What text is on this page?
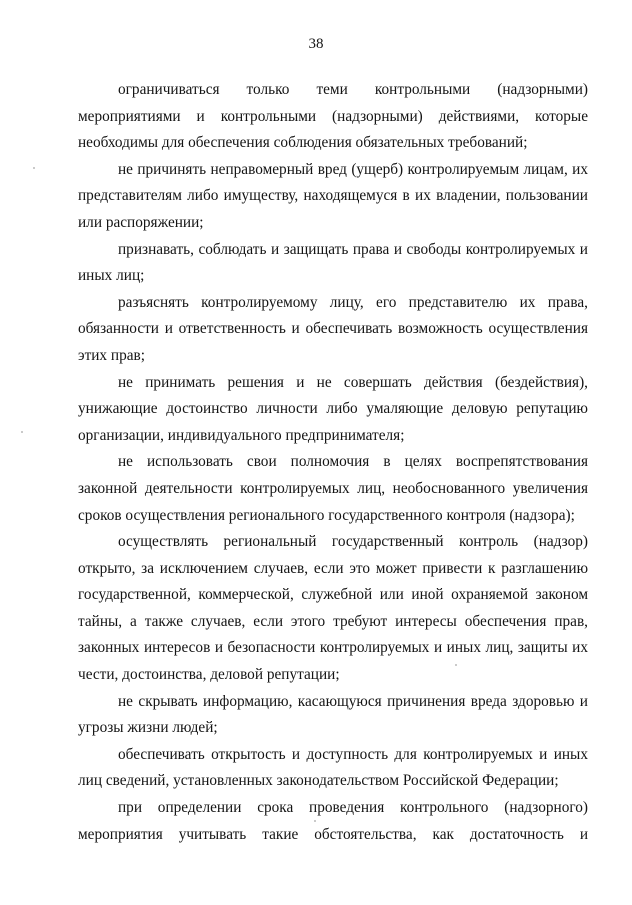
38

ограничиваться только теми контрольными (надзорными) мероприятиями и контрольными (надзорными) действиями, которые необходимы для обеспечения соблюдения обязательных требований;

не причинять неправомерный вред (ущерб) контролируемым лицам, их представителям либо имуществу, находящемуся в их владении, пользовании или распоряжении;

признавать, соблюдать и защищать права и свободы контролируемых и иных лиц;

разъяснять контролируемому лицу, его представителю их права, обязанности и ответственность и обеспечивать возможность осуществления этих прав;

не принимать решения и не совершать действия (бездействия), унижающие достоинство личности либо умаляющие деловую репутацию организации, индивидуального предпринимателя;

не использовать свои полномочия в целях воспрепятствования законной деятельности контролируемых лиц, необоснованного увеличения сроков осуществления регионального государственного контроля (надзора);

осуществлять региональный государственный контроль (надзор) открыто, за исключением случаев, если это может привести к разглашению государственной, коммерческой, служебной или иной охраняемой законом тайны, а также случаев, если этого требуют интересы обеспечения прав, законных интересов и безопасности контролируемых и иных лиц, защиты их чести, достоинства, деловой репутации;

не скрывать информацию, касающуюся причинения вреда здоровью и угрозы жизни людей;

обеспечивать открытость и доступность для контролируемых и иных лиц сведений, установленных законодательством Российской Федерации;

при определении срока проведения контрольного (надзорного) мероприятия учитывать такие обстоятельства, как достаточность и
